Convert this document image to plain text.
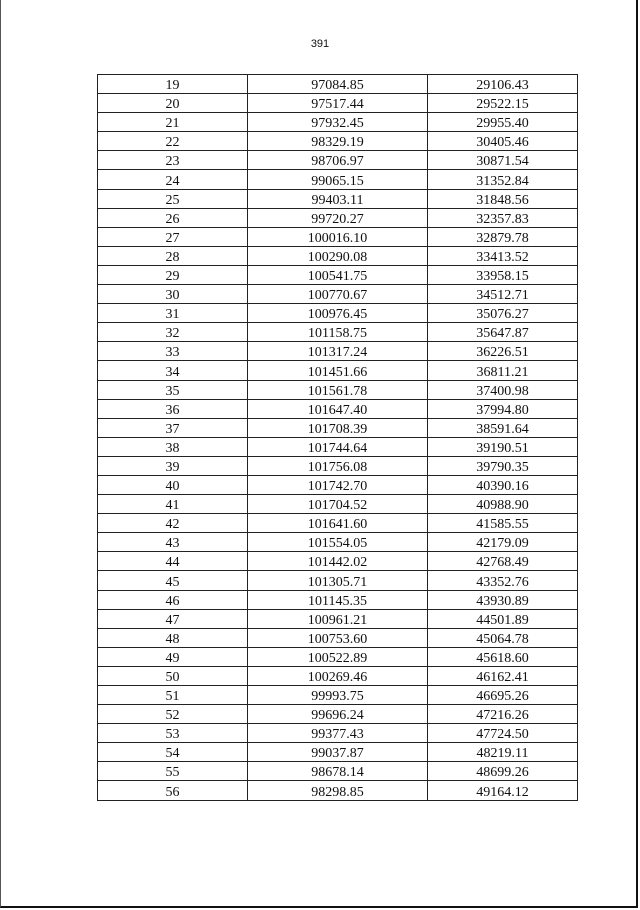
391
19	97084.85	29106.43
20	97517.44	29522.15
21	97932.45	29955.40
22	98329.19	30405.46
23	98706.97	30871.54
24	99065.15	31352.84
25	99403.11	31848.56
26	99720.27	32357.83
27	100016.10	32879.78
28	100290.08	33413.52
29	100541.75	33958.15
30	100770.67	34512.71
31	100976.45	35076.27
32	101158.75	35647.87
33	101317.24	36226.51
34	101451.66	36811.21
35	101561.78	37400.98
36	101647.40	37994.80
37	101708.39	38591.64
38	101744.64	39190.51
39	101756.08	39790.35
40	101742.70	40390.16
41	101704.52	40988.90
42	101641.60	41585.55
43	101554.05	42179.09
44	101442.02	42768.49
45	101305.71	43352.76
46	101145.35	43930.89
47	100961.21	44501.89
48	100753.60	45064.78
49	100522.89	45618.60
50	100269.46	46162.41
51	99993.75	46695.26
52	99696.24	47216.26
53	99377.43	47724.50
54	99037.87	48219.11
55	98678.14	48699.26
56	98298.85	49164.12
